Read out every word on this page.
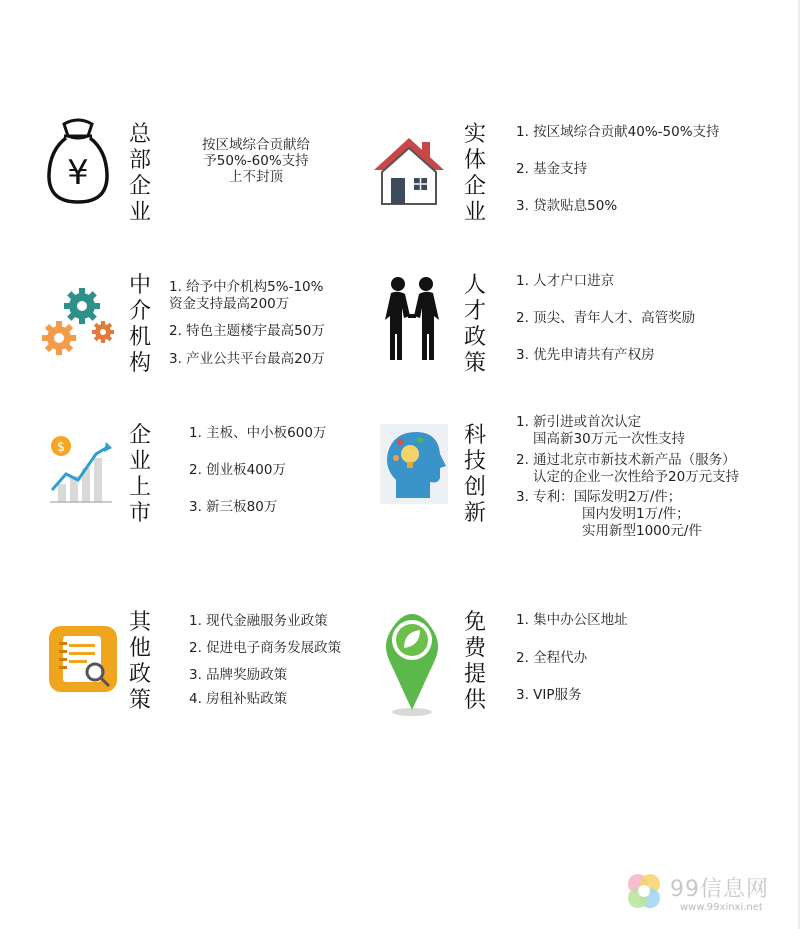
¥
总
部
企
业
按区域综合贡献给
予50%-60%支持
上不封顶
实
体
企
业
1. 按区域综合贡献40%-50%支持
2. 基金支持
3. 贷款贴息50%
中
介
机
构
1. 给予中介机构5%-10%
资金支持最高200万
2. 特色主题楼宇最高50万
3. 产业公共平台最高20万
人
才
政
策
1. 人才户口进京
2. 顶尖、青年人才、高管奖励
3. 优先申请共有产权房
$	企
业
上
市
1. 主板、中小板600万
2. 创业板400万
3. 新三板80万
科
技
创
新
1. 新引进或首次认定
国高新30万元一次性支持
2. 通过北京市新技术新产品（服务）
认定的企业一次性给予20万元支持
3. 专利：国际发明2万/件；
国内发明1万/件；
实用新型1000元/件
其
他
政
策
1. 现代金融服务业政策
2. 促进电子商务发展政策
3. 品牌奖励政策
4. 房租补贴政策
免
费
提
供
1. 集中办公区地址
2. 全程代办
3. VIP服务
99信息网
www.99xinxi.net
